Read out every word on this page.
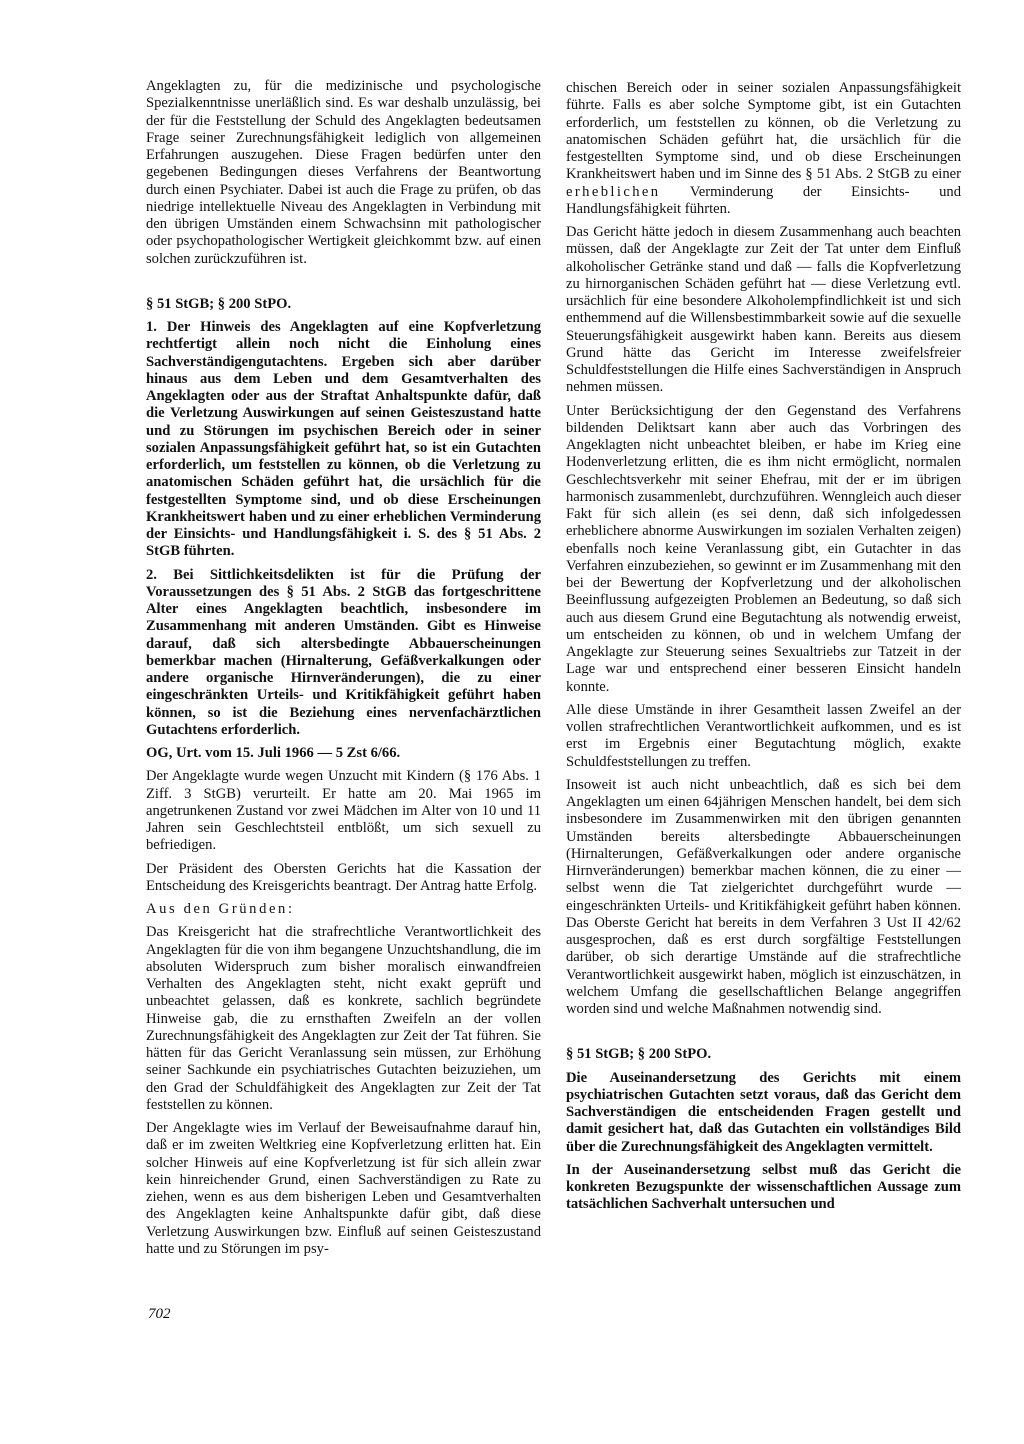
Angeklagten zu, für die medizinische und psychologische Spezialkenntnisse unerläßlich sind. Es war deshalb unzulässig, bei der für die Feststellung der Schuld des Angeklagten bedeutsamen Frage seiner Zurechnungsfähigkeit lediglich von allgemeinen Erfahrungen auszugehen. Diese Fragen bedürfen unter den gegebenen Bedingungen dieses Verfahrens der Beantwortung durch einen Psychiater. Dabei ist auch die Frage zu prüfen, ob das niedrige intellektuelle Niveau des Angeklagten in Verbindung mit den übrigen Umständen einem Schwachsinn mit pathologischer oder psychopathologischer Wertigkeit gleichkommt bzw. auf einen solchen zurückzuführen ist.

§ 51 StGB; § 200 StPO.

1. Der Hinweis des Angeklagten auf eine Kopfverletzung rechtfertigt allein noch nicht die Einholung eines Sachverständigengutachtens. Ergeben sich aber darüber hinaus aus dem Leben und dem Gesamtverhalten des Angeklagten oder aus der Straftat Anhaltspunkte dafür, daß die Verletzung Auswirkungen auf seinen Geisteszustand hatte und zu Störungen im psychischen Bereich oder in seiner sozialen Anpassungsfähigkeit geführt hat, so ist ein Gutachten erforderlich, um feststellen zu können, ob die Verletzung zu anatomischen Schäden geführt hat, die ursächlich für die festgestellten Symptome sind, und ob diese Erscheinungen Krankheitswert haben und zu einer erheblichen Verminderung der Einsichts- und Handlungsfähigkeit i. S. des § 51 Abs. 2 StGB führten.

2. Bei Sittlichkeitsdelikten ist für die Prüfung der Voraussetzungen des § 51 Abs. 2 StGB das fortgeschrittene Alter eines Angeklagten beachtlich, insbesondere im Zusammenhang mit anderen Umständen. Gibt es Hinweise darauf, daß sich altersbedingte Abbauerscheinungen bemerkbar machen (Hirnalterung, Gefäßverkalkungen oder andere organische Hirnveränderungen), die zu einer eingeschränkten Urteils- und Kritikfähigkeit geführt haben können, so ist die Beziehung eines nervenfachärztlichen Gutachtens erforderlich.

OG, Urt. vom 15. Juli 1966 — 5 Zst 6/66.

Der Angeklagte wurde wegen Unzucht mit Kindern (§ 176 Abs. 1 Ziff. 3 StGB) verurteilt. Er hatte am 20. Mai 1965 im angetrunkenen Zustand vor zwei Mädchen im Alter von 10 und 11 Jahren sein Geschlechtsteil entblößt, um sich sexuell zu befriedigen.

Der Präsident des Obersten Gerichts hat die Kassation der Entscheidung des Kreisgerichts beantragt. Der Antrag hatte Erfolg.

Aus den Gründen:

Das Kreisgericht hat die strafrechtliche Verantwortlichkeit des Angeklagten für die von ihm begangene Unzuchtshandlung, die im absoluten Widerspruch zum bisher moralisch einwandfreien Verhalten des Angeklagten steht, nicht exakt geprüft und unbeachtet gelassen, daß es konkrete, sachlich begründete Hinweise gab, die zu ernsthaften Zweifeln an der vollen Zurechnungsfähigkeit des Angeklagten zur Zeit der Tat führen. Sie hätten für das Gericht Veranlassung sein müssen, zur Erhöhung seiner Sachkunde ein psychiatrisches Gutachten beizuziehen, um den Grad der Schuldfähigkeit des Angeklagten zur Zeit der Tat feststellen zu können.

Der Angeklagte wies im Verlauf der Beweisaufnahme darauf hin, daß er im zweiten Weltkrieg eine Kopfverletzung erlitten hat. Ein solcher Hinweis auf eine Kopfverletzung ist für sich allein zwar kein hinreichender Grund, einen Sachverständigen zu Rate zu ziehen, wenn es aus dem bisherigen Leben und Gesamtverhalten des Angeklagten keine Anhaltspunkte dafür gibt, daß diese Verletzung Auswirkungen bzw. Einfluß auf seinen Geisteszustand hatte und zu Störungen im psy-

chischen Bereich oder in seiner sozialen Anpassungsfähigkeit führte. Falls es aber solche Symptome gibt, ist ein Gutachten erforderlich, um feststellen zu können, ob die Verletzung zu anatomischen Schäden geführt hat, die ursächlich für die festgestellten Symptome sind, und ob diese Erscheinungen Krankheitswert haben und im Sinne des § 51 Abs. 2 StGB zu einer erheblichen Verminderung der Einsichts- und Handlungsfähigkeit führten.

Das Gericht hätte jedoch in diesem Zusammenhang auch beachten müssen, daß der Angeklagte zur Zeit der Tat unter dem Einfluß alkoholischer Getränke stand und daß — falls die Kopfverletzung zu hirnorganischen Schäden geführt hat — diese Verletzung evtl. ursächlich für eine besondere Alkoholempfindlichkeit ist und sich enthemmend auf die Willensbestimmbarkeit sowie auf die sexuelle Steuerungsfähigkeit ausgewirkt haben kann. Bereits aus diesem Grund hätte das Gericht im Interesse zweifelsfreier Schuldfeststellungen die Hilfe eines Sachverständigen in Anspruch nehmen müssen.

Unter Berücksichtigung der den Gegenstand des Verfahrens bildenden Deliktsart kann aber auch das Vorbringen des Angeklagten nicht unbeachtet bleiben, er habe im Krieg eine Hodenverletzung erlitten, die es ihm nicht ermöglicht, normalen Geschlechtsverkehr mit seiner Ehefrau, mit der er im übrigen harmonisch zusammenlebt, durchzuführen. Wenngleich auch dieser Fakt für sich allein (es sei denn, daß sich infolgedessen erheblichere abnorme Auswirkungen im sozialen Verhalten zeigen) ebenfalls noch keine Veranlassung gibt, ein Gutachter in das Verfahren einzubeziehen, so gewinnt er im Zusammenhang mit den bei der Bewertung der Kopfverletzung und der alkoholischen Beeinflussung aufgezeigten Problemen an Bedeutung, so daß sich auch aus diesem Grund eine Begutachtung als notwendig erweist, um entscheiden zu können, ob und in welchem Umfang der Angeklagte zur Steuerung seines Sexualtriebs zur Tatzeit in der Lage war und entsprechend einer besseren Einsicht handeln konnte.

Alle diese Umstände in ihrer Gesamtheit lassen Zweifel an der vollen strafrechtlichen Verantwortlichkeit aufkommen, und es ist erst im Ergebnis einer Begutachtung möglich, exakte Schuldfeststellungen zu treffen.

Insoweit ist auch nicht unbeachtlich, daß es sich bei dem Angeklagten um einen 64jährigen Menschen handelt, bei dem sich insbesondere im Zusammenwirken mit den übrigen genannten Umständen bereits altersbedingte Abbauerscheinungen (Hirnalterungen, Gefäßverkalkungen oder andere organische Hirnveränderungen) bemerkbar machen können, die zu einer — selbst wenn die Tat zielgerichtet durchgeführt wurde — eingeschränkten Urteils- und Kritikfähigkeit geführt haben können. Das Oberste Gericht hat bereits in dem Verfahren 3 Ust II 42/62 ausgesprochen, daß es erst durch sorgfältige Feststellungen darüber, ob sich derartige Umstände auf die strafrechtliche Verantwortlichkeit ausgewirkt haben, möglich ist einzuschätzen, in welchem Umfang die gesellschaftlichen Belange angegriffen worden sind und welche Maßnahmen notwendig sind.

§ 51 StGB; § 200 StPO.

Die Auseinandersetzung des Gerichts mit einem psychiatrischen Gutachten setzt voraus, daß das Gericht dem Sachverständigen die entscheidenden Fragen gestellt und damit gesichert hat, daß das Gutachten ein vollständiges Bild über die Zurechnungsfähigkeit des Angeklagten vermittelt.

In der Auseinandersetzung selbst muß das Gericht die konkreten Bezugspunkte der wissenschaftlichen Aussage zum tatsächlichen Sachverhalt untersuchen und

702
